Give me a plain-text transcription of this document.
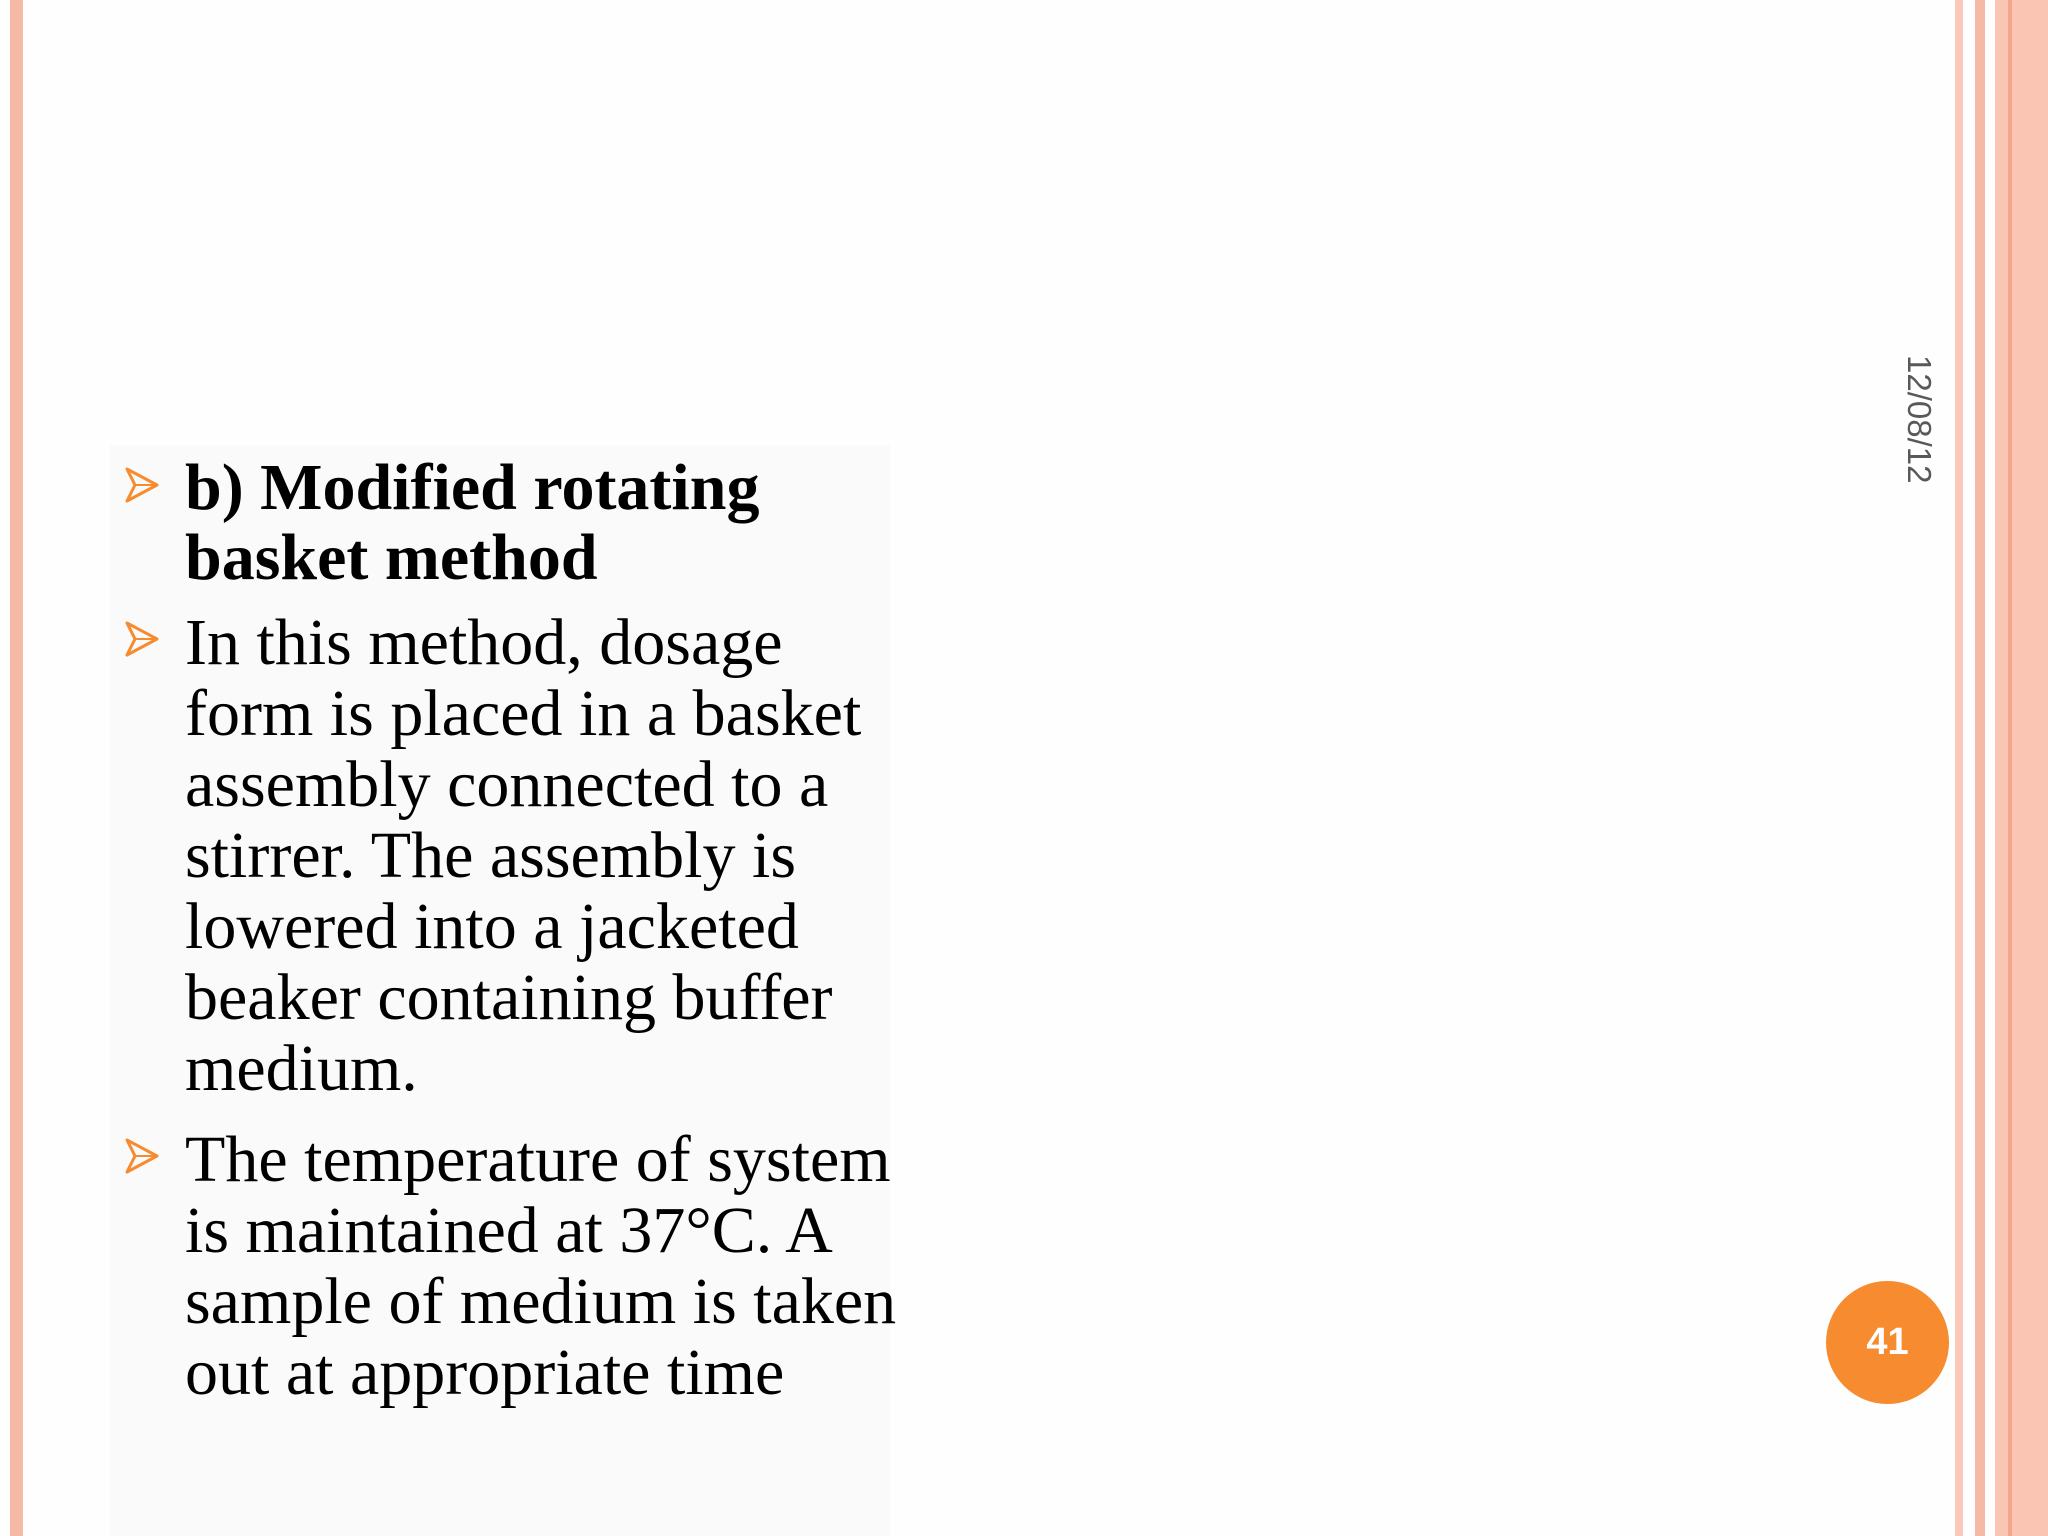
12/08/12
b) Modified rotating basket method
In this method, dosage form is placed in a basket assembly connected to a stirrer. The assembly is lowered into a jacketed beaker containing buffer medium.
The temperature of system is maintained at 37°C. A sample of medium is taken out at appropriate time	41
